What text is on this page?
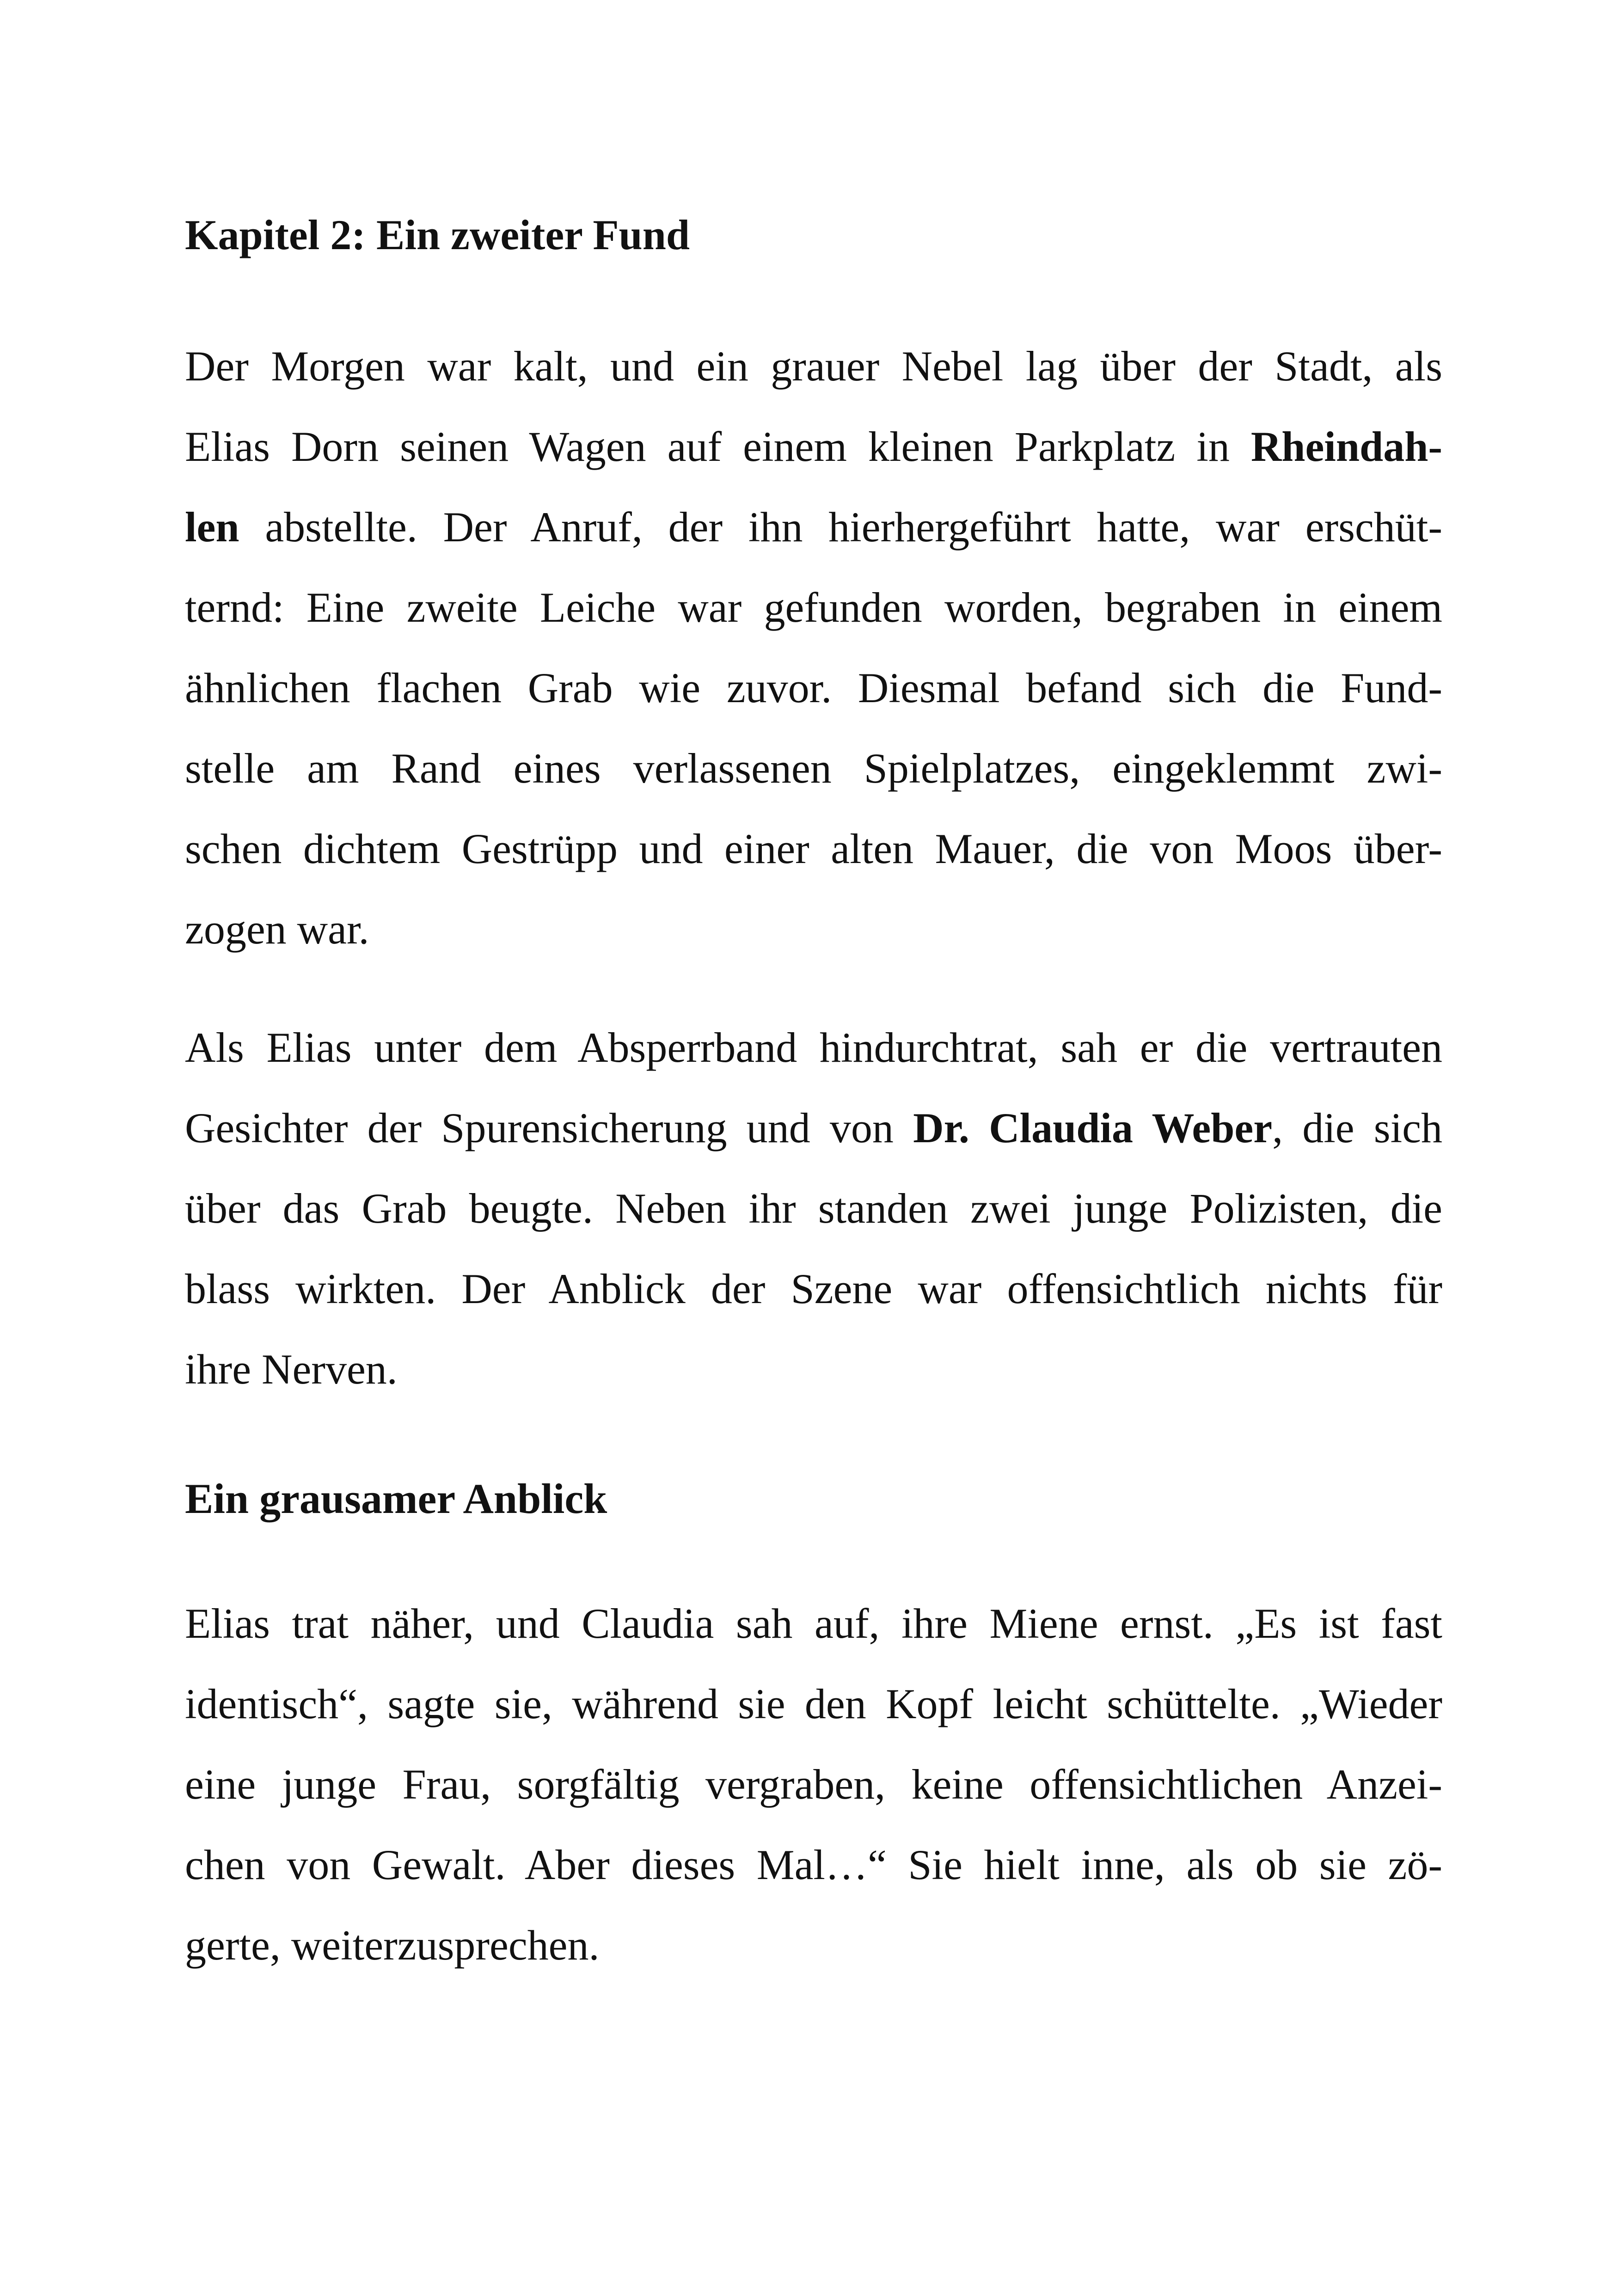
Kapitel 2: Ein zweiter Fund
Der Morgen war kalt, und ein grauer Nebel lag über der Stadt, als
Elias Dorn seinen Wagen auf einem kleinen Parkplatz in Rheindah-
len abstellte. Der Anruf, der ihn hierhergeführt hatte, war erschüt-
ternd: Eine zweite Leiche war gefunden worden, begraben in einem
ähnlichen flachen Grab wie zuvor. Diesmal befand sich die Fund-
stelle am Rand eines verlassenen Spielplatzes, eingeklemmt zwi-
schen dichtem Gestrüpp und einer alten Mauer, die von Moos über-
zogen war.
Als Elias unter dem Absperrband hindurchtrat, sah er die vertrauten
Gesichter der Spurensicherung und von Dr. Claudia Weber, die sich
über das Grab beugte. Neben ihr standen zwei junge Polizisten, die
blass wirkten. Der Anblick der Szene war offensichtlich nichts für
ihre Nerven.
Ein grausamer Anblick
Elias trat näher, und Claudia sah auf, ihre Miene ernst. „Es ist fast
identisch“, sagte sie, während sie den Kopf leicht schüttelte. „Wieder
eine junge Frau, sorgfältig vergraben, keine offensichtlichen Anzei-
chen von Gewalt. Aber dieses Mal…“ Sie hielt inne, als ob sie zö-
gerte, weiterzusprechen.
